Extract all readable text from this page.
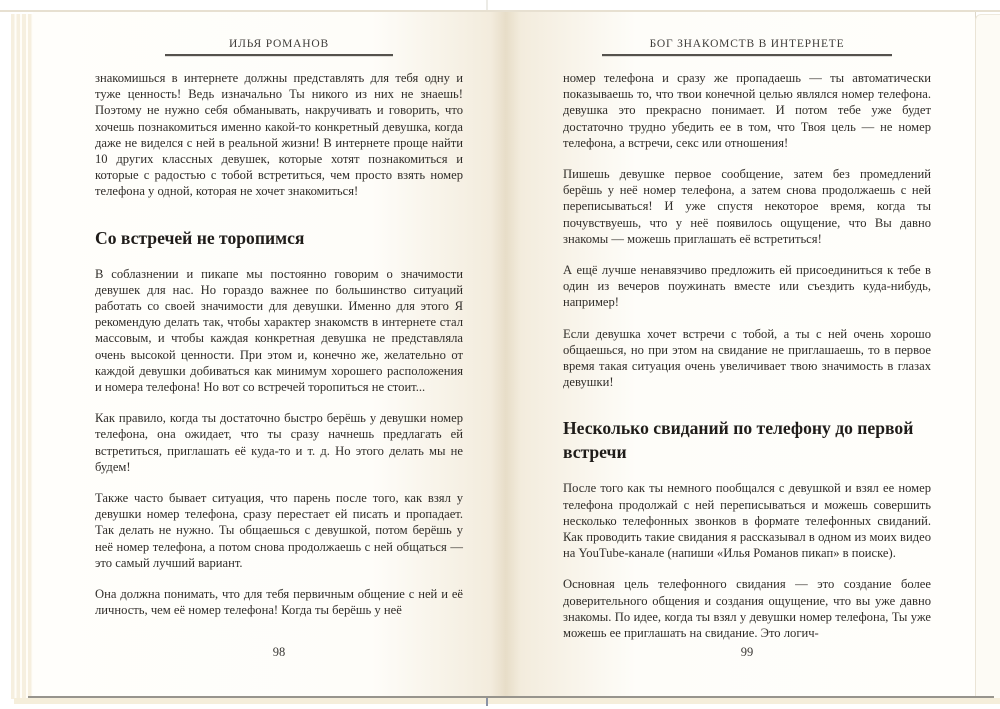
ИЛЬЯ РОМАНОВ

знакомишься в интернете должны представлять для тебя одну и туже ценность! Ведь изначально Ты никого из них не знаешь! Поэтому не нужно себя обманывать, накручивать и говорить, что хочешь познакомиться именно какой-то конкретный девушка, когда даже не виделся с ней в реальной жизни! В интернете проще найти 10 других классных девушек, которые хотят познакомиться и которые с радостью с тобой встретиться, чем просто взять номер телефона у одной, которая не хочет знакомиться!

Со встречей не торопимся

В соблазнении и пикапе мы постоянно говорим о значимости девушек для нас. Но гораздо важнее по большинство ситуаций работать со своей значимости для девушки. Именно для этого Я рекомендую делать так, чтобы характер знакомств в интернете стал массовым, и чтобы каждая конкретная девушка не представляла очень высокой ценности. При этом и, конечно же, желательно от каждой девушки добиваться как минимум хорошего расположения и номера телефона! Но вот со встречей торопиться не стоит...

Как правило, когда ты достаточно быстро берёшь у девушки номер телефона, она ожидает, что ты сразу начнешь предлагать ей встретиться, приглашать её куда-то и т. д. Но этого делать мы не будем!

Также часто бывает ситуация, что парень после того, как взял у девушки номер телефона, сразу перестает ей писать и пропадает. Так делать не нужно. Ты общаешься с девушкой, потом берёшь у неё номер телефона, а потом снова продолжаешь с ней общаться — это самый лучший вариант.

Она должна понимать, что для тебя первичным общение с ней и её личность, чем её номер телефона! Когда ты берёшь у неё

98
БОГ ЗНАКОМСТВ В ИНТЕРНЕТЕ

номер телефона и сразу же пропадаешь — ты автоматически показываешь то, что твои конечной целью являлся номер телефона. девушка это прекрасно понимает. И потом тебе уже будет достаточно трудно убедить ее в том, что Твоя цель — не номер телефона, а встречи, секс или отношения!

Пишешь девушке первое сообщение, затем без промедлений берёшь у неё номер телефона, а затем снова продолжаешь с ней переписываться! И уже спустя некоторое время, когда ты почувствуешь, что у неё появилось ощущение, что Вы давно знакомы — можешь приглашать её встретиться!

А ещё лучше ненавязчиво предложить ей присоединиться к тебе в один из вечеров поужинать вместе или съездить куда-нибудь, например!

Если девушка хочет встречи с тобой, а ты с ней очень хорошо общаешься, но при этом на свидание не приглашаешь, то в первое время такая ситуация очень увеличивает твою значимость в глазах девушки!

Несколько свиданий по телефону до первой встречи

После того как ты немного пообщался с девушкой и взял ее номер телефона продолжай с ней переписываться и можешь совершить несколько телефонных звонков в формате телефонных свиданий. Как проводить такие свидания я рассказывал в одном из моих видео на YouTube-канале (напиши «Илья Романов пикап» в поиске).

Основная цель телефонного свидания — это создание более доверительного общения и создания ощущение, что вы уже давно знакомы. По идее, когда ты взял у девушки номер телефона, Ты уже можешь ее приглашать на свидание. Это логич-

99
